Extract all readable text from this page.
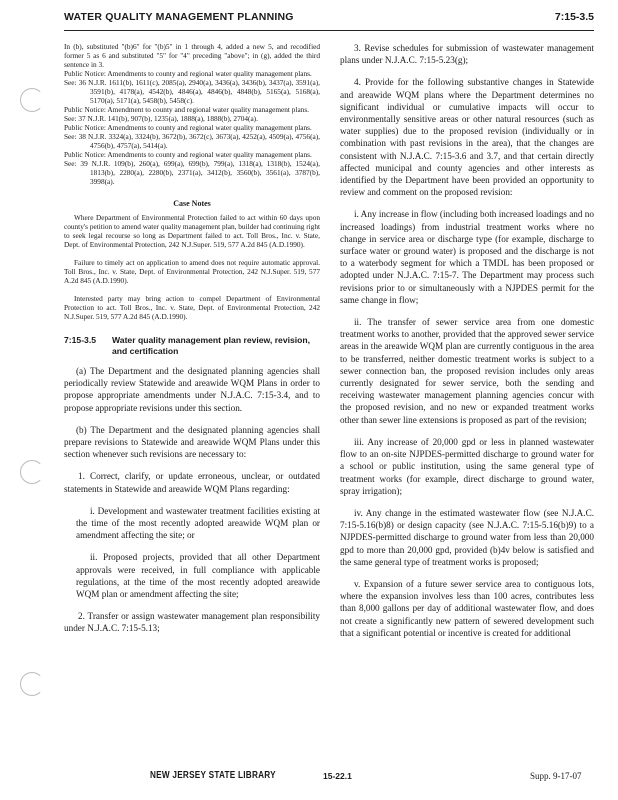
WATER QUALITY MANAGEMENT PLANNING	7:15-3.5

In (b), substituted "(b)6" for "(b)5" in 1 through 4, added a new 5, and recodified former 5 as 6 and substituted "5" for "4" preceding "above"; in (g), added the third sentence in 3.

Public Notice: Amendments to county and regional water quality management plans.

See: 36 N.J.R. 1611(b), 1611(c), 2085(a), 2940(a), 3436(a), 3436(b), 3437(a), 3591(a), 3591(b), 4178(a), 4542(b), 4846(a), 4846(b), 4848(b), 5165(a), 5168(a), 5170(a), 5171(a), 5458(b), 5458(c).

Public Notice: Amendment to county and regional water quality management plans.

See: 37 N.J.R. 141(b), 907(b), 1235(a), 1888(a), 1888(b), 2704(a).

Public Notice: Amendments to county and regional water quality management plans.

See: 38 N.J.R. 3324(a), 3324(b), 3672(b), 3672(c), 3673(a), 4252(a), 4509(a), 4756(a), 4756(b), 4757(a), 5414(a).

Public Notice: Amendments to county and regional water quality management plans.

See: 39 N.J.R. 109(b), 260(a), 699(a), 699(b), 799(a), 1318(a), 1318(b), 1524(a), 1813(b), 2280(a), 2280(b), 2371(a), 3412(b), 3560(b), 3561(a), 3787(b), 3998(a).

Case Notes

Where Department of Environmental Protection failed to act within 60 days upon county's petition to amend water quality management plan, builder had continuing right to seek legal recourse so long as Department failed to act. Toll Bros., Inc. v. State, Dept. of Environmental Protection, 242 N.J.Super. 519, 577 A.2d 845 (A.D.1990).

Failure to timely act on application to amend does not require automatic approval. Toll Bros., Inc. v. State, Dept. of Environmental Protection, 242 N.J.Super. 519, 577 A.2d 845 (A.D.1990).

Interested party may bring action to compel Department of Environmental Protection to act. Toll Bros., Inc. v. State, Dept. of Environmental Protection, 242 N.J.Super. 519, 577 A.2d 845 (A.D.1990).

7:15-3.5	Water quality management plan review, revision, and certification

(a) The Department and the designated planning agencies shall periodically review Statewide and areawide WQM Plans in order to propose appropriate amendments under N.J.A.C. 7:15-3.4, and to propose appropriate revisions under this section.

(b) The Department and the designated planning agencies shall prepare revisions to Statewide and areawide WQM Plans under this section whenever such revisions are necessary to:

1. Correct, clarify, or update erroneous, unclear, or outdated statements in Statewide and areawide WQM Plans regarding:

i. Development and wastewater treatment facilities existing at the time of the most recently adopted areawide WQM plan or amendment affecting the site; or

ii. Proposed projects, provided that all other Department approvals were received, in full compliance with applicable regulations, at the time of the most recently adopted areawide WQM plan or amendment affecting the site;

2. Transfer or assign wastewater management plan responsibility under N.J.A.C. 7:15-5.13;

3. Revise schedules for submission of wastewater management plans under N.J.A.C. 7:15-5.23(g);

4. Provide for the following substantive changes in Statewide and areawide WQM plans where the Department determines no significant individual or cumulative impacts will occur to environmentally sensitive areas or other natural resources (such as water supplies) due to the proposed revision (individually or in combination with past revisions in the area), that the changes are consistent with N.J.A.C. 7:15-3.6 and 3.7, and that certain directly affected municipal and county agencies and other interests as identified by the Department have been provided an opportunity to review and comment on the proposed revision:

i. Any increase in flow (including both increased loadings and no increased loadings) from industrial treatment works where no change in service area or discharge type (for example, discharge to surface water or ground water) is proposed and the discharge is not to a waterbody segment for which a TMDL has been proposed or adopted under N.J.A.C. 7:15-7. The Department may process such revisions prior to or simultaneously with a NJPDES permit for the same change in flow;

ii. The transfer of sewer service area from one domestic treatment works to another, provided that the approved sewer service areas in the areawide WQM plan are currently contiguous in the area to be transferred, neither domestic treatment works is subject to a sewer connection ban, the proposed revision includes only areas currently designated for sewer service, both the sending and receiving wastewater management planning agencies concur with the proposed revision, and no new or expanded treatment works other than sewer line extensions is proposed as part of the revision;

iii. Any increase of 20,000 gpd or less in planned wastewater flow to an on-site NJPDES-permitted discharge to ground water for a school or public institution, using the same general type of treatment works (for example, direct discharge to ground water, spray irrigation);

iv. Any change in the estimated wastewater flow (see N.J.A.C. 7:15-5.16(b)8) or design capacity (see N.J.A.C. 7:15-5.16(b)9) to a NJPDES-permitted discharge to ground water from less than 20,000 gpd to more than 20,000 gpd, provided (b)4v below is satisfied and the same general type of treatment works is proposed;

v. Expansion of a future sewer service area to contiguous lots, where the expansion involves less than 100 acres, contributes less than 8,000 gallons per day of additional wastewater flow, and does not create a significantly new pattern of sewered development such that a significant potential or incentive is created for additional

NEW JERSEY STATE LIBRARY	15-22.1	Supp. 9-17-07
